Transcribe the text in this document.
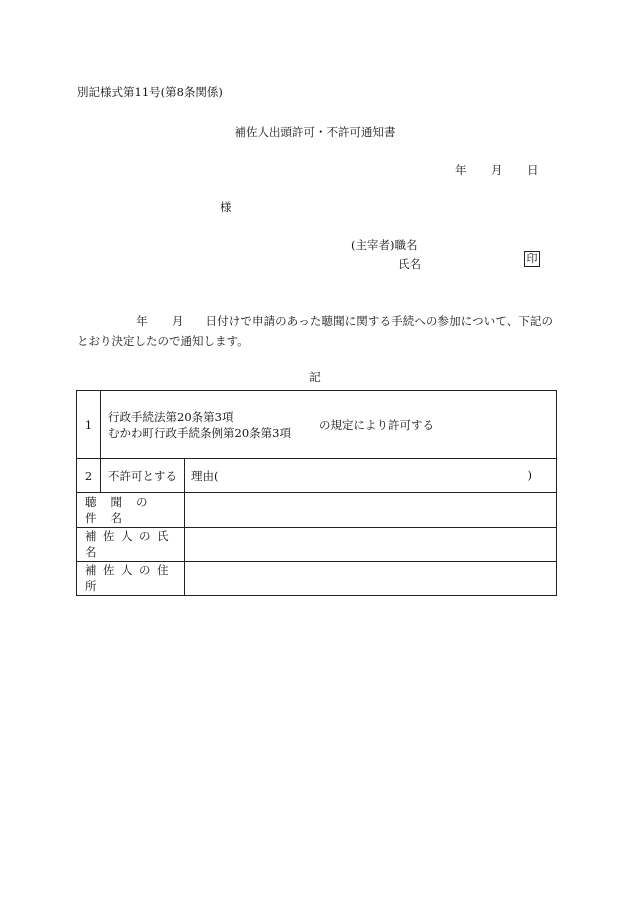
別記様式第11号(第8条関係)
補佐人出頭許可・不許可通知書
年 月 日
様
(主宰者)職名
氏名	印
年 月 日付けで申請のあった聴聞に関する手続への参加について、下記のとおり決定したので通知します。
記
1	行政手続法第20条第3項
むかわ町行政手続条例第20条第3項
の規定により許可する	

2	不許可とする	理由( )

聴聞の件名		
補佐人の氏名		
補佐人の住所		
